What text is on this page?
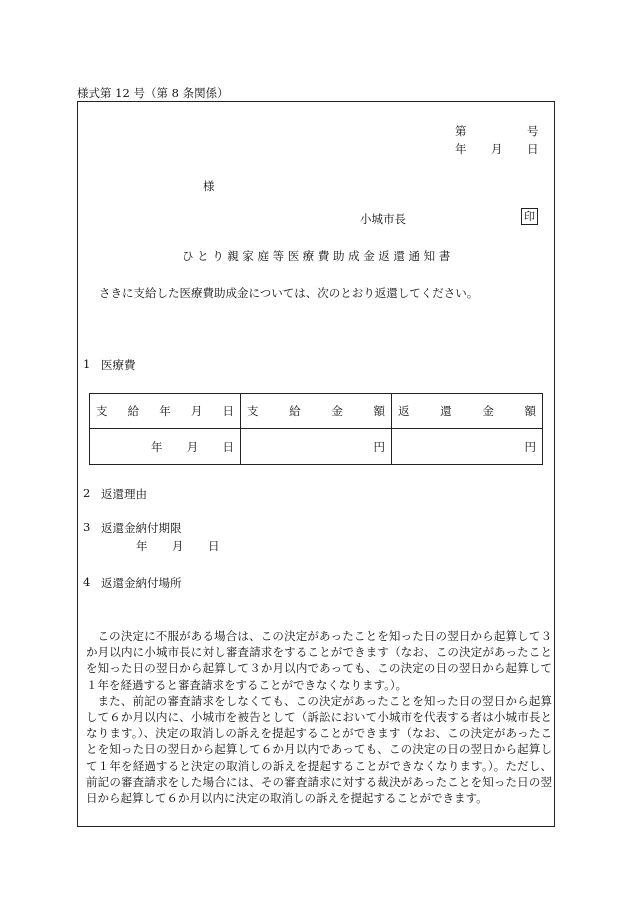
様式第 12 号（第 8 条関係）
第	号
年 月 日
様
小城市長	印
ひとり親家庭等医療費助成金返還通知書
さきに支給した医療費助成金については、次のとおり返還してください。
1 医療費
支 給 年 月 日	支 給 金 額	返 還 金 額

年 月 日	円	円
2 返還理由
3 返還金納付期限
年 月 日
4 返還金納付場所

この決定に不服がある場合は、この決定があったことを知った日の翌日から起算して３か月以内に小城市長に対し審査請求をすることができます（なお、この決定があったことを知った日の翌日から起算して３か月以内であっても、この決定の日の翌日から起算して１年を経過すると審査請求をすることができなくなります。）。

また、前記の審査請求をしなくても、この決定があったことを知った日の翌日から起算して６か月以内に、小城市を被告として（訴訟において小城市を代表する者は小城市長となります。）、決定の取消しの訴えを提起することができます（なお、この決定があったことを知った日の翌日から起算して６か月以内であっても、この決定の日の翌日から起算して１年を経過すると決定の取消しの訴えを提起することができなくなります。）。ただし、前記の審査請求をした場合には、その審査請求に対する裁決があったことを知った日の翌日から起算して６か月以内に決定の取消しの訴えを提起することができます。
